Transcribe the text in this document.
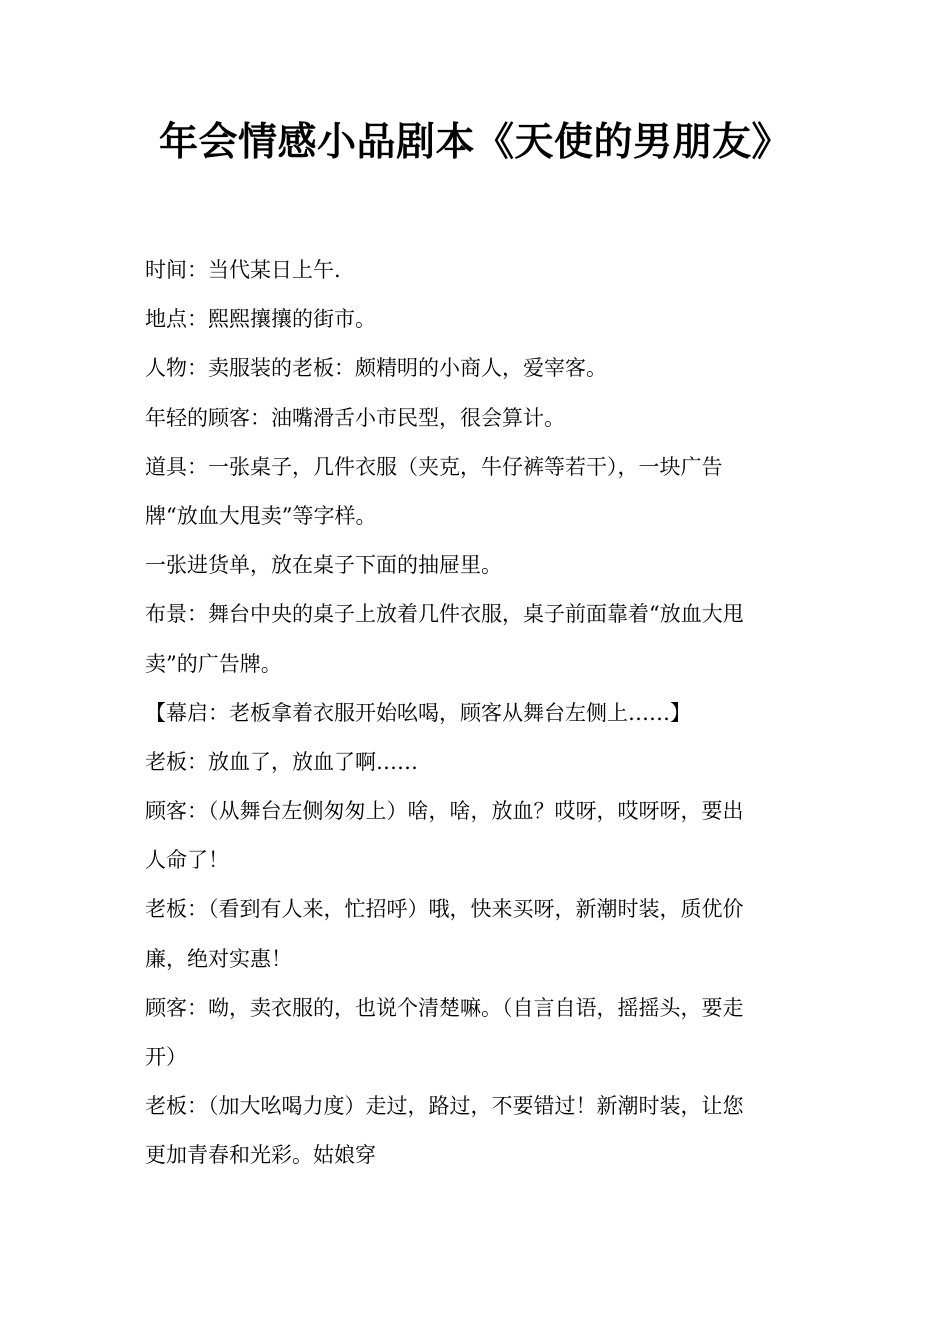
年会情感小品剧本《天使的男朋友》

时间：当代某日上午.

地点：熙熙攘攘的街市。

人物：卖服装的老板：颇精明的小商人，爱宰客。

年轻的顾客：油嘴滑舌小市民型，很会算计。

道具：一张桌子，几件衣服（夹克，牛仔裤等若干），一块广告

牌“放血大甩卖”等字样。

一张进货单，放在桌子下面的抽屉里。

布景：舞台中央的桌子上放着几件衣服，桌子前面靠着“放血大甩

卖”的广告牌。

【幕启：老板拿着衣服开始吆喝，顾客从舞台左侧上……】

老板：放血了，放血了啊……

顾客：（从舞台左侧匆匆上）啥，啥，放血？哎呀，哎呀呀，要出

人命了！

老板：（看到有人来，忙招呼）哦，快来买呀，新潮时装，质优价

廉，绝对实惠！

顾客：呦，卖衣服的，也说个清楚嘛。（自言自语，摇摇头，要走

开）

老板：（加大吆喝力度）走过，路过，不要错过！新潮时装，让您

更加青春和光彩。姑娘穿
